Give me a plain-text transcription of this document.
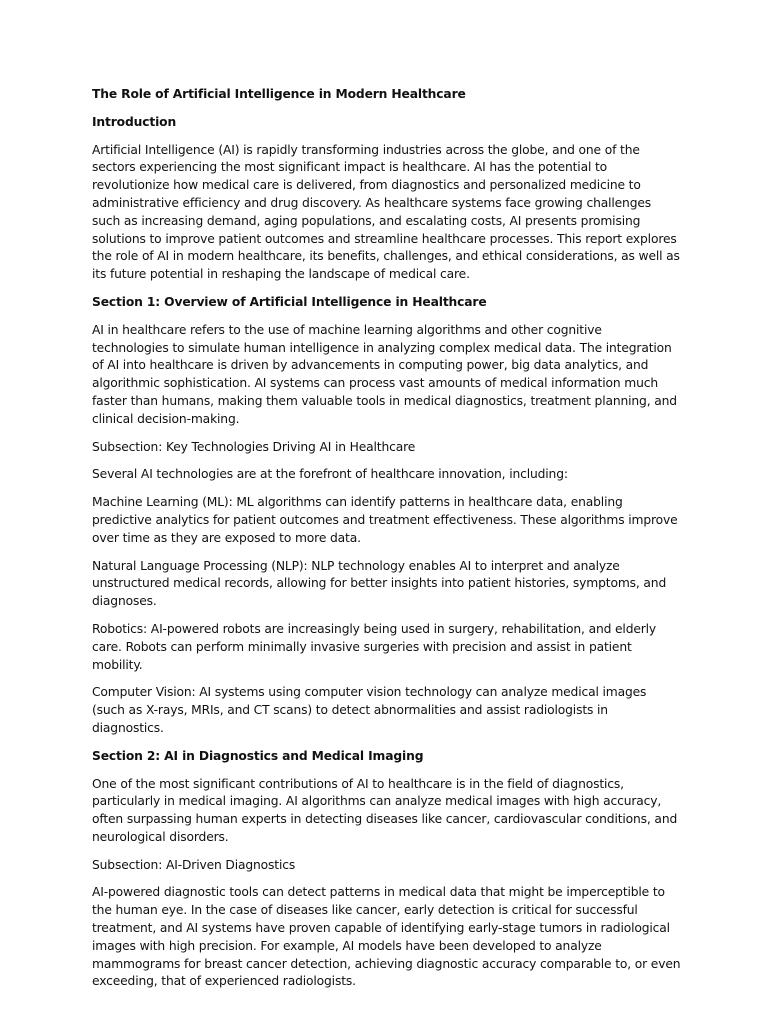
The Role of Artificial Intelligence in Modern Healthcare

Introduction

Artificial Intelligence (AI) is rapidly transforming industries across the globe, and one of the sectors experiencing the most significant impact is healthcare. AI has the potential to revolutionize how medical care is delivered, from diagnostics and personalized medicine to administrative efficiency and drug discovery. As healthcare systems face growing challenges such as increasing demand, aging populations, and escalating costs, AI presents promising solutions to improve patient outcomes and streamline healthcare processes. This report explores the role of AI in modern healthcare, its benefits, challenges, and ethical considerations, as well as its future potential in reshaping the landscape of medical care.

Section 1: Overview of Artificial Intelligence in Healthcare

AI in healthcare refers to the use of machine learning algorithms and other cognitive technologies to simulate human intelligence in analyzing complex medical data. The integration of AI into healthcare is driven by advancements in computing power, big data analytics, and algorithmic sophistication. AI systems can process vast amounts of medical information much faster than humans, making them valuable tools in medical diagnostics, treatment planning, and clinical decision-making.

Subsection: Key Technologies Driving AI in Healthcare

Several AI technologies are at the forefront of healthcare innovation, including:

Machine Learning (ML): ML algorithms can identify patterns in healthcare data, enabling predictive analytics for patient outcomes and treatment effectiveness. These algorithms improve over time as they are exposed to more data.

Natural Language Processing (NLP): NLP technology enables AI to interpret and analyze unstructured medical records, allowing for better insights into patient histories, symptoms, and diagnoses.

Robotics: AI-powered robots are increasingly being used in surgery, rehabilitation, and elderly care. Robots can perform minimally invasive surgeries with precision and assist in patient mobility.

Computer Vision: AI systems using computer vision technology can analyze medical images (such as X-rays, MRIs, and CT scans) to detect abnormalities and assist radiologists in diagnostics.

Section 2: AI in Diagnostics and Medical Imaging

One of the most significant contributions of AI to healthcare is in the field of diagnostics, particularly in medical imaging. AI algorithms can analyze medical images with high accuracy, often surpassing human experts in detecting diseases like cancer, cardiovascular conditions, and neurological disorders.

Subsection: AI-Driven Diagnostics

AI-powered diagnostic tools can detect patterns in medical data that might be imperceptible to the human eye. In the case of diseases like cancer, early detection is critical for successful treatment, and AI systems have proven capable of identifying early-stage tumors in radiological images with high precision. For example, AI models have been developed to analyze mammograms for breast cancer detection, achieving diagnostic accuracy comparable to, or even exceeding, that of experienced radiologists.
